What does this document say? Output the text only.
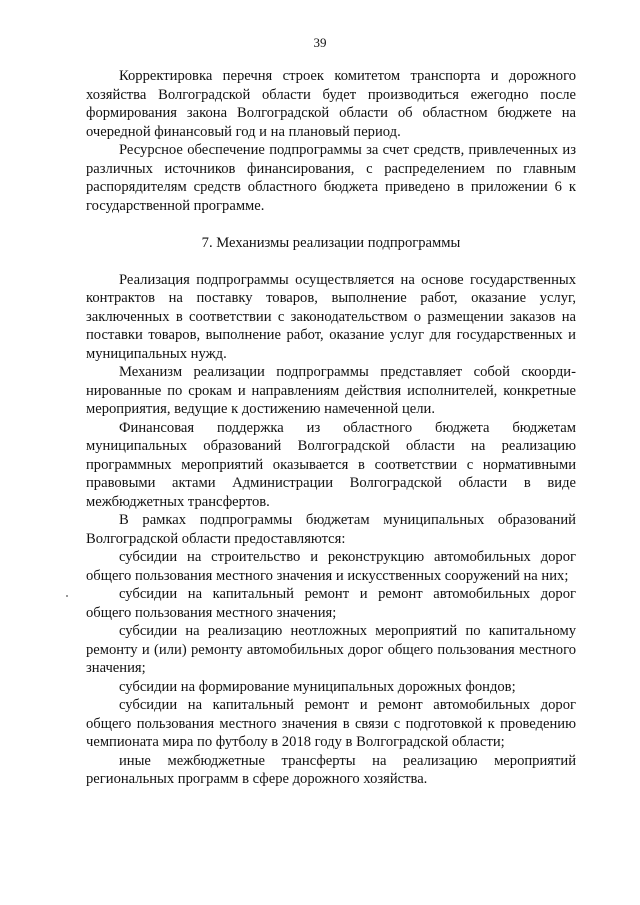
39

Корректировка перечня строек комитетом транспорта и дорожного хозяйства Волгоградской области будет производиться ежегодно после формирования закона Волгоградской области об областном бюджете на очередной финансовый год и на плановый период.

Ресурсное обеспечение подпрограммы за счет средств, привлеченных из различных источников финансирования, с распределением по главным распорядителям средств областного бюджета приведено в приложении 6 к государственной программе.

7. Механизмы реализации подпрограммы

Реализация подпрограммы осуществляется на основе государственных контрактов на поставку товаров, выполнение работ, оказание услуг, заключенных в соответствии с законодательством о размещении заказов на поставки товаров, выполнение работ, оказание услуг для государственных и муниципальных нужд.

Механизм реализации подпрограммы представляет собой скоординированные по срокам и направлениям действия исполнителей, конкретные мероприятия, ведущие к достижению намеченной цели.

Финансовая поддержка из областного бюджета бюджетам муниципальных образований Волгоградской области на реализацию программных мероприятий оказывается в соответствии с нормативными правовыми актами Администрации Волгоградской области в виде межбюджетных трансфертов.

В рамках подпрограммы бюджетам муниципальных образований Волгоградской области предоставляются:

субсидии на строительство и реконструкцию автомобильных дорог общего пользования местного значения и искусственных сооружений на них;

субсидии на капитальный ремонт и ремонт автомобильных дорог общего пользования местного значения;

субсидии на реализацию неотложных мероприятий по капитальному ремонту и (или) ремонту автомобильных дорог общего пользования местного значения;

субсидии на формирование муниципальных дорожных фондов;

субсидии на капитальный ремонт и ремонт автомобильных дорог общего пользования местного значения в связи с подготовкой к проведению чемпионата мира по футболу в 2018 году в Волгоградской области;

иные межбюджетные трансферты на реализацию мероприятий региональных программ в сфере дорожного хозяйства.
